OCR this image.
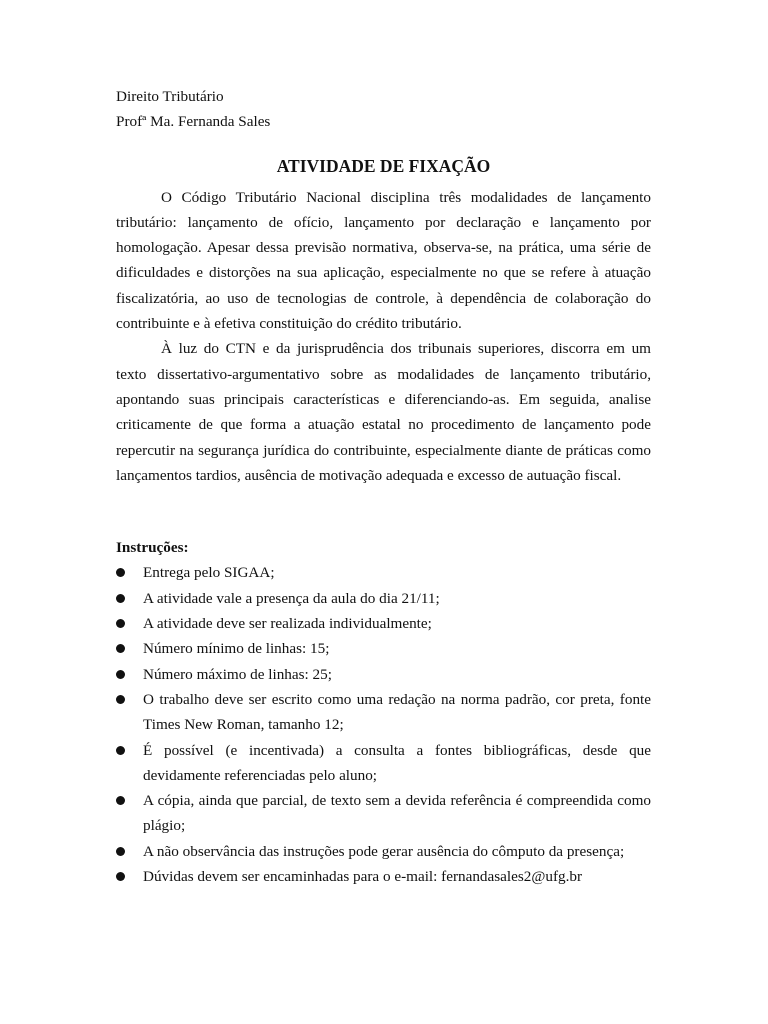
Direito Tributário
Profª Ma. Fernanda Sales
ATIVIDADE DE FIXAÇÃO

O Código Tributário Nacional disciplina três modalidades de lançamento tributário: lançamento de ofício, lançamento por declaração e lançamento por homologação. Apesar dessa previsão normativa, observa-se, na prática, uma série de dificuldades e distorções na sua aplicação, especialmente no que se refere à atuação fiscalizatória, ao uso de tecnologias de controle, à dependência de colaboração do contribuinte e à efetiva constituição do crédito tributário.

À luz do CTN e da jurisprudência dos tribunais superiores, discorra em um texto dissertativo-argumentativo sobre as modalidades de lançamento tributário, apontando suas principais características e diferenciando-as. Em seguida, analise criticamente de que forma a atuação estatal no procedimento de lançamento pode repercutir na segurança jurídica do contribuinte, especialmente diante de práticas como lançamentos tardios, ausência de motivação adequada e excesso de autuação fiscal.

Instruções:
Entrega pelo SIGAA;
A atividade vale a presença da aula do dia 21/11;
A atividade deve ser realizada individualmente;
Número mínimo de linhas: 15;
Número máximo de linhas: 25;
O trabalho deve ser escrito como uma redação na norma padrão, cor preta, fonte Times New Roman, tamanho 12;
É possível (e incentivada) a consulta a fontes bibliográficas, desde que devidamente referenciadas pelo aluno;
A cópia, ainda que parcial, de texto sem a devida referência é compreendida como plágio;
A não observância das instruções pode gerar ausência do cômputo da presença;
Dúvidas devem ser encaminhadas para o e-mail: fernandasales2@ufg.br
